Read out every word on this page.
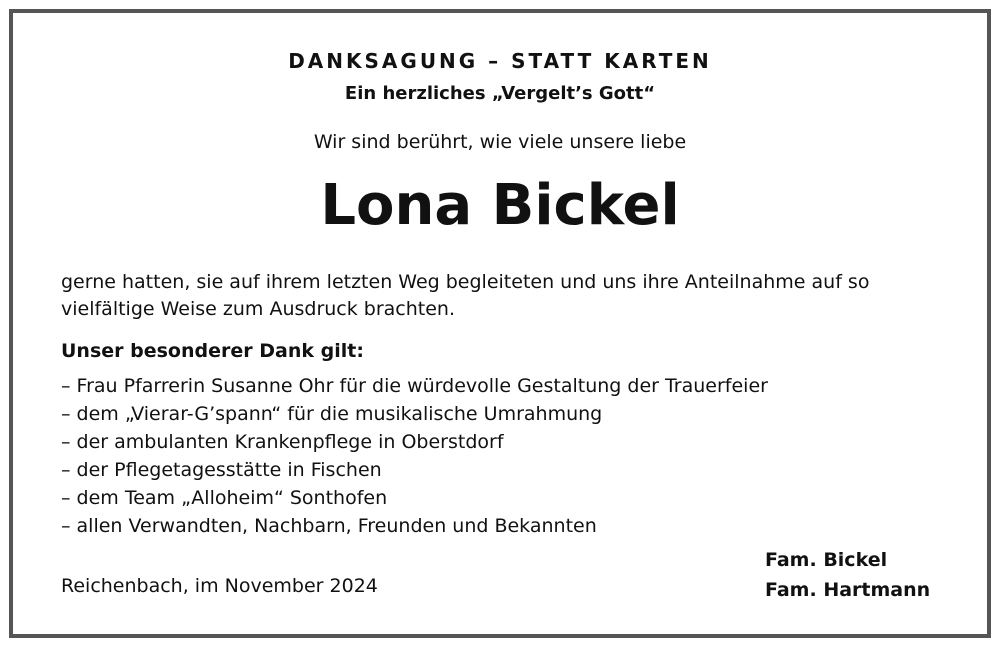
DANKSAGUNG – STATT KARTEN
Ein herzliches „Vergelt’s Gott“
Wir sind berührt, wie viele unsere liebe
Lona Bickel
gerne hatten, sie auf ihrem letzten Weg begleiteten und uns ihre Anteilnahme auf so vielfältige Weise zum Ausdruck brachten.
Unser besonderer Dank gilt:
– Frau Pfarrerin Susanne Ohr für die würdevolle Gestaltung der Trauerfeier
– dem „Vierar-G’spann“ für die musikalische Umrahmung
– der ambulanten Krankenpflege in Oberstdorf
– der Pflegetagesstätte in Fischen
– dem Team „Alloheim“ Sonthofen
– allen Verwandten, Nachbarn, Freunden und Bekannten
Reichenbach, im November 2024
Fam. Bickel
Fam. Hartmann
